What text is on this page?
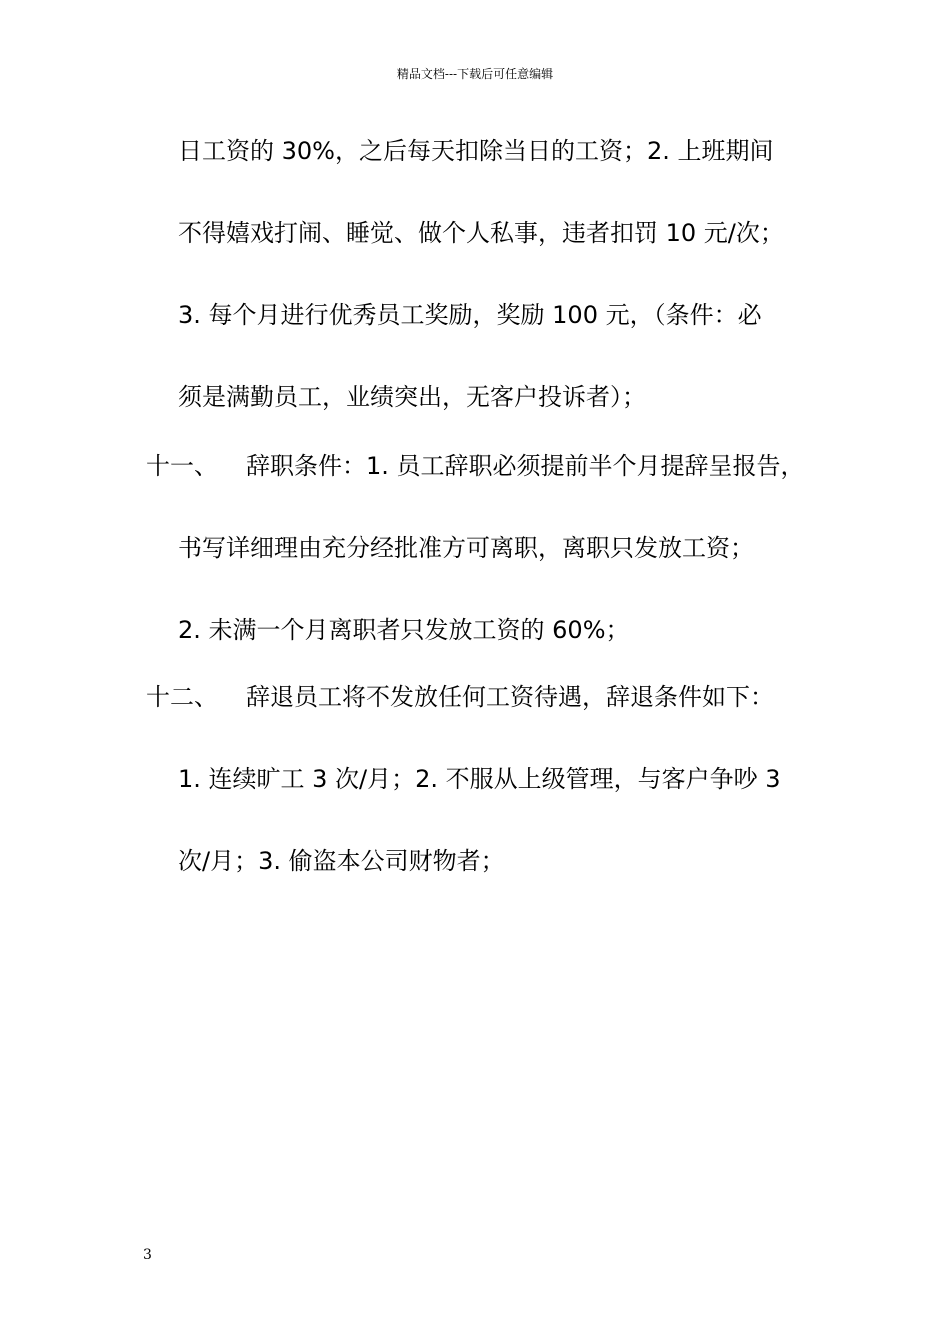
精品文档---下载后可任意编辑
日工资的 30%，之后每天扣除当日的工资；2. 上班期间
不得嬉戏打闹、睡觉、做个人私事，违者扣罚 10 元/次；
3. 每个月进行优秀员工奖励，奖励 100 元，（条件：必
须是满勤员工，业绩突出，无客户投诉者）；
十一、 辞职条件：1. 员工辞职必须提前半个月提辞呈报告，
书写详细理由充分经批准方可离职，离职只发放工资；
2. 未满一个月离职者只发放工资的 60%；
十二、 辞退员工将不发放任何工资待遇，辞退条件如下：
1. 连续旷工 3 次/月；2. 不服从上级管理，与客户争吵 3
次/月；3. 偷盗本公司财物者；
3
